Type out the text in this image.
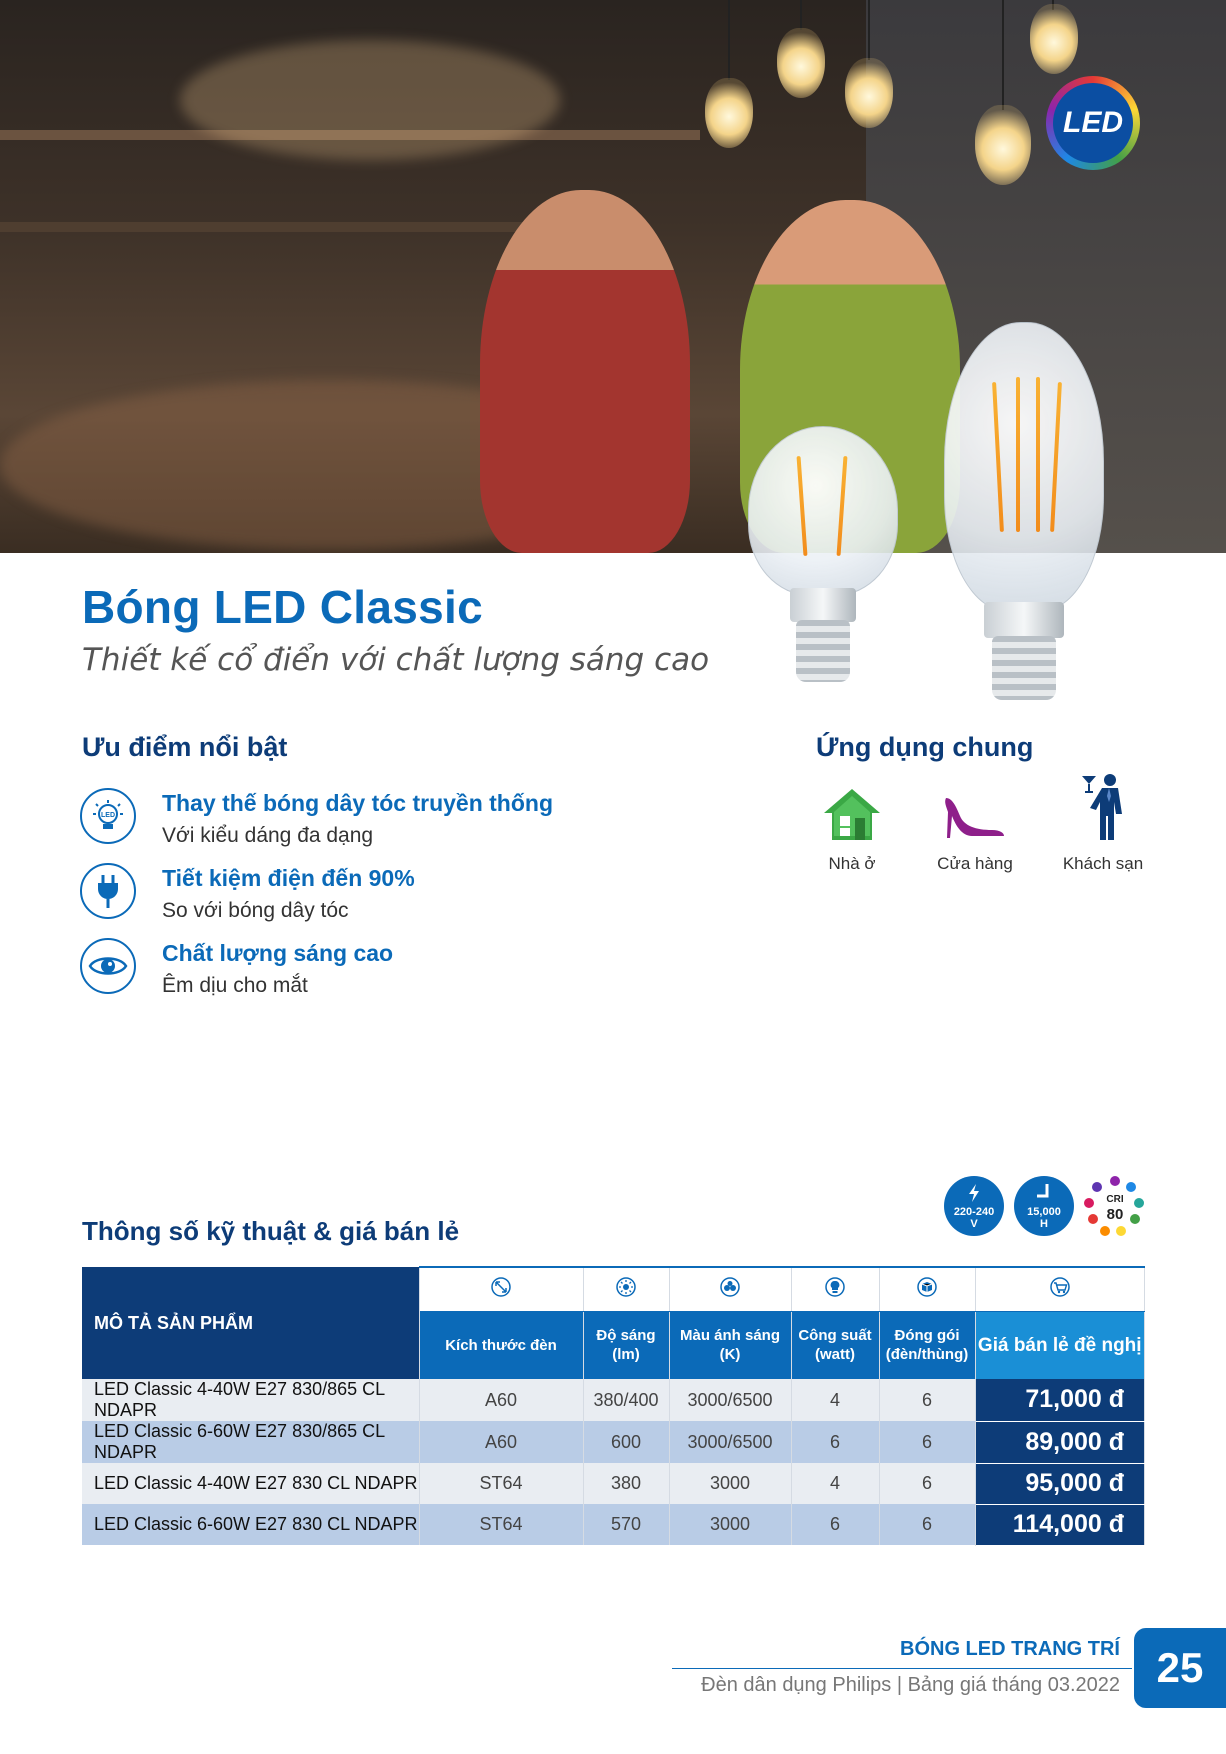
LED
Bóng LED Classic
Thiết kế cổ điển với chất lượng sáng cao
Ưu điểm nổi bật
LED Thay thế bóng dây tóc truyền thống
Với kiểu dáng đa dạng
Tiết kiệm điện đến 90%
So với bóng dây tóc
Chất lượng sáng cao
Êm dịu cho mắt
Ứng dụng chung
Nhà ở	Cửa hàng	Khách sạn
Thông số kỹ thuật & giá bán lẻ
220-240
V
15,000
H
CRI
80
MÔ TẢ SẢN PHẨM						
	Kích thước đèn	Độ sáng (lm)	Màu ánh sáng (K)	Công suất (watt)	Đóng gói (đèn/thùng)	Giá bán lẻ đề nghị
LED Classic 4-40W E27 830/865 CL NDAPR	A60	380/400	3000/6500	4	6	71,000 đ
LED Classic 6-60W E27 830/865 CL NDAPR	A60	600	3000/6500	6	6	89,000 đ
LED Classic 4-40W E27 830 CL NDAPR	ST64	380	3000	4	6	95,000 đ
LED Classic 6-60W E27 830 CL NDAPR	ST64	570	3000	6	6	114,000 đ
BÓNG LED TRANG TRÍ
Đèn dân dụng Philips | Bảng giá tháng 03.2022 25
